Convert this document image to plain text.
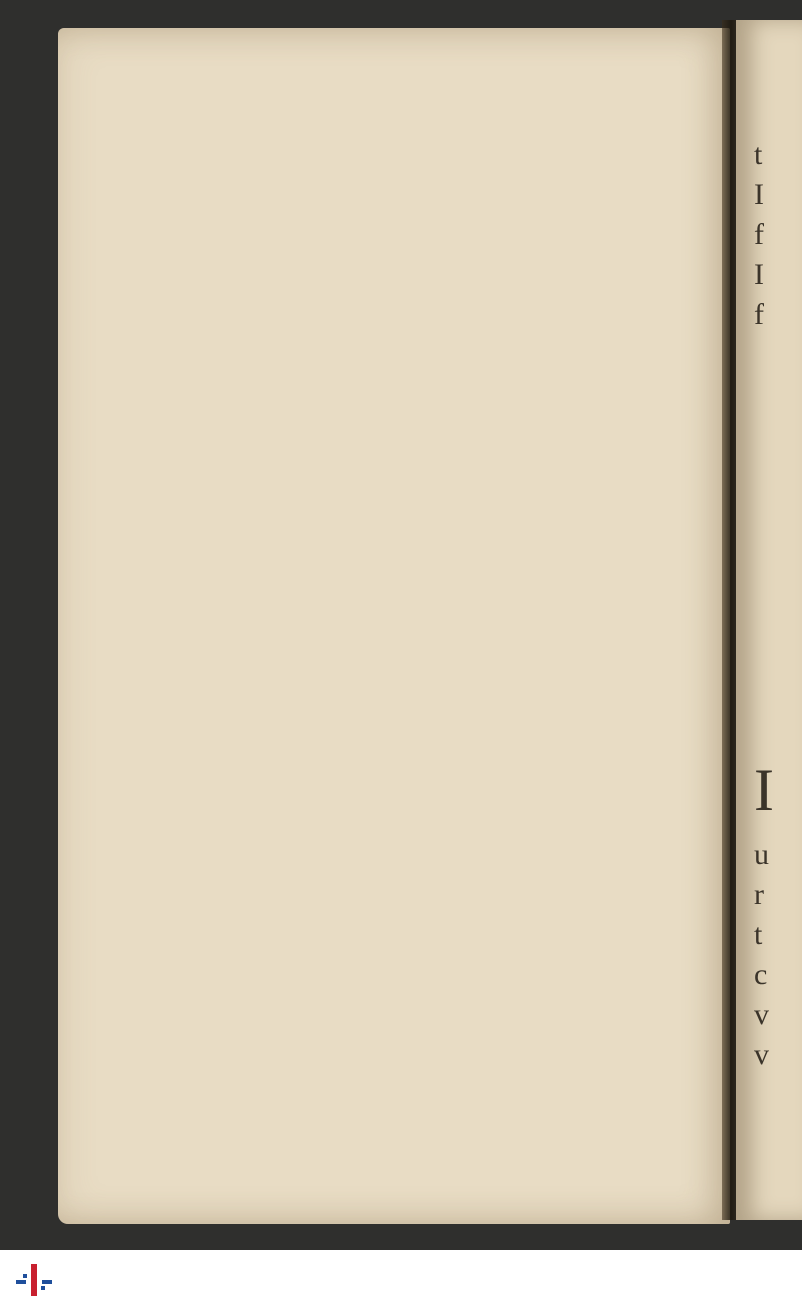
t
I
f
I
f
I
u
r
t
c
v
v
